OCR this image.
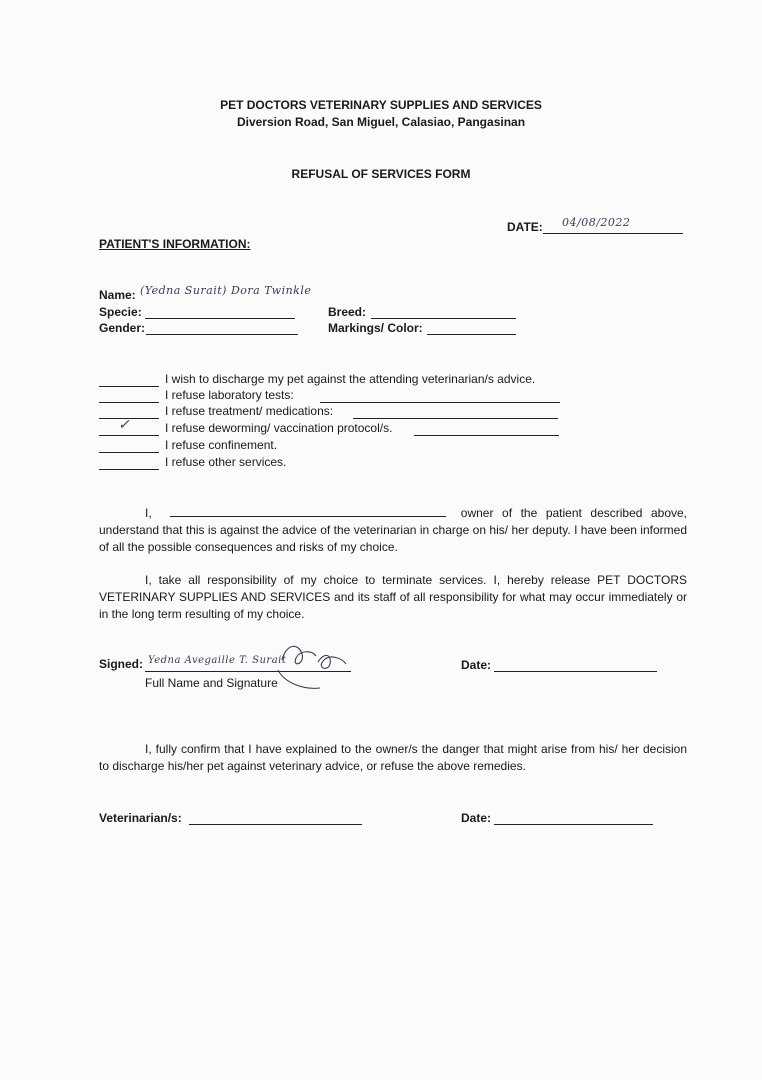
PET DOCTORS VETERINARY SUPPLIES AND SERVICES
Diversion Road, San Miguel, Calasiao, Pangasinan
REFUSAL OF SERVICES FORM
DATE: 04/08/2022
PATIENT'S INFORMATION:
Name: (Yedna Surait) Dora Twinkle
Specie:	Breed:
Gender:	Markings/ Color:
I wish to discharge my pet against the attending veterinarian/s advice.
I refuse laboratory tests:
I refuse treatment/ medications:
✓	I refuse deworming/ vaccination protocol/s.
I refuse confinement.
I refuse other services.
I,	owner of the patient described above, understand that this is against the advice of the veterinarian in charge on his/ her deputy. I have been informed of all the possible consequences and risks of my choice.
I, take all responsibility of my choice to terminate services. I, hereby release PET DOCTORS VETERINARY SUPPLIES AND SERVICES and its staff of all responsibility for what may occur immediately or in the long term resulting of my choice.
Signed: Yedna Avegaille T. Surait
Full Name and Signature
Date:
I, fully confirm that I have explained to the owner/s the danger that might arise from his/ her decision to discharge his/her pet against veterinary advice, or refuse the above remedies.
Veterinarian/s:	Date:
